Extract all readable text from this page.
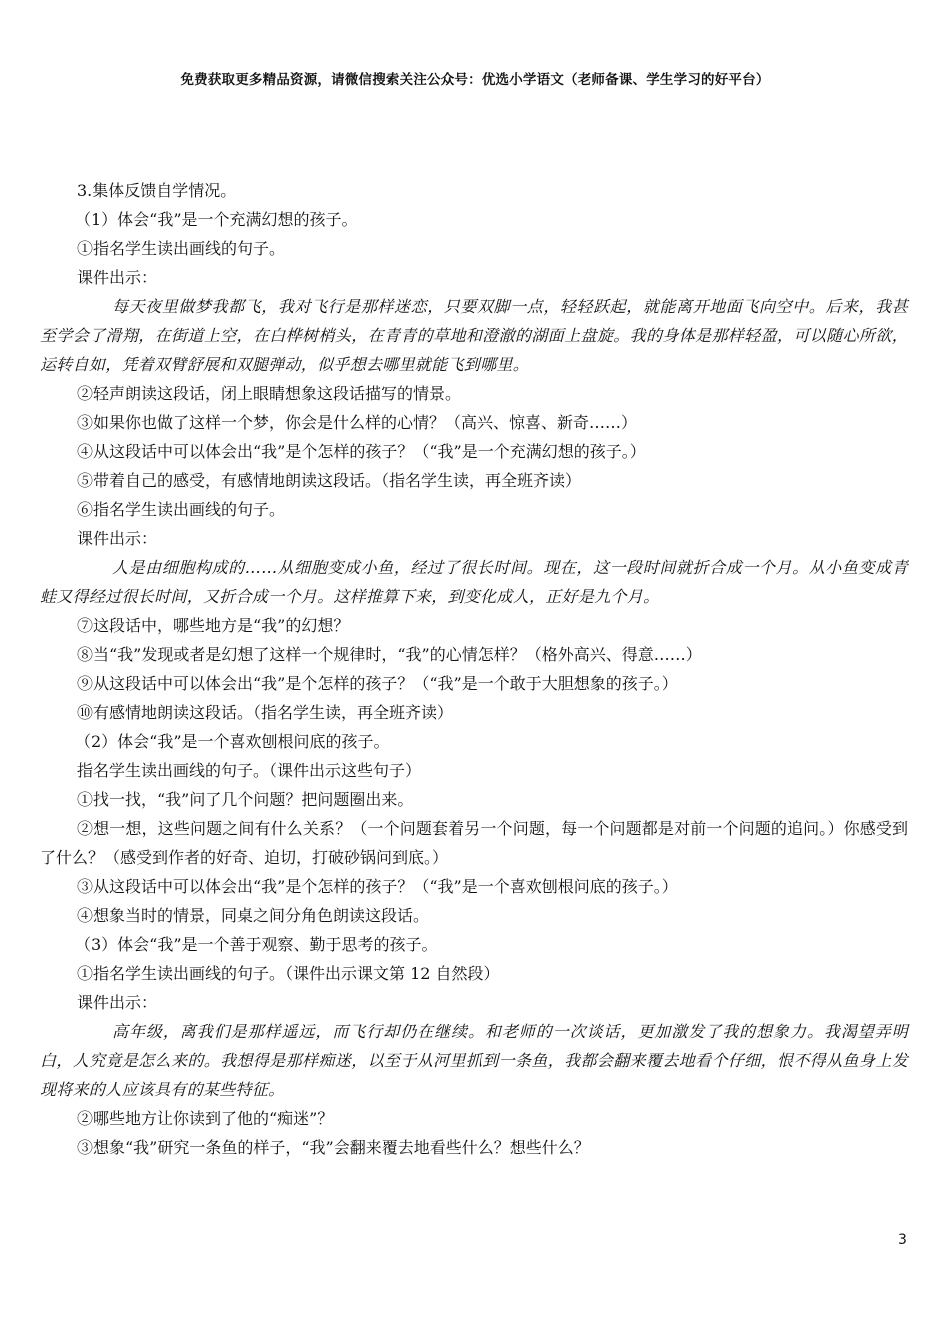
免费获取更多精品资源，请微信搜索关注公众号：优选小学语文（老师备课、学生学习的好平台）

3.集体反馈自学情况。

（1）体会“我”是一个充满幻想的孩子。

①指名学生读出画线的句子。

课件出示：

每天夜里做梦我都飞，我对飞行是那样迷恋，只要双脚一点，轻轻跃起，就能离开地面飞向空中。后来，我甚至学会了滑翔，在街道上空，在白桦树梢头，在青青的草地和澄澈的湖面上盘旋。我的身体是那样轻盈，可以随心所欲，运转自如，凭着双臂舒展和双腿弹动，似乎想去哪里就能飞到哪里。

②轻声朗读这段话，闭上眼睛想象这段话描写的情景。

③如果你也做了这样一个梦，你会是什么样的心情？（高兴、惊喜、新奇……）

④从这段话中可以体会出“我”是个怎样的孩子？（“我”是一个充满幻想的孩子。）

⑤带着自己的感受，有感情地朗读这段话。（指名学生读，再全班齐读）

⑥指名学生读出画线的句子。

课件出示：

人是由细胞构成的……从细胞变成小鱼，经过了很长时间。现在，这一段时间就折合成一个月。从小鱼变成青蛙又得经过很长时间，又折合成一个月。这样推算下来，到变化成人，正好是九个月。

⑦这段话中，哪些地方是“我”的幻想？

⑧当“我”发现或者是幻想了这样一个规律时，“我”的心情怎样？（格外高兴、得意……）

⑨从这段话中可以体会出“我”是个怎样的孩子？（“我”是一个敢于大胆想象的孩子。）

⑩有感情地朗读这段话。（指名学生读，再全班齐读）

（2）体会“我”是一个喜欢刨根问底的孩子。

指名学生读出画线的句子。（课件出示这些句子）

①找一找，“我”问了几个问题？把问题圈出来。

②想一想，这些问题之间有什么关系？（一个问题套着另一个问题，每一个问题都是对前一个问题的追问。）你感受到了什么？（感受到作者的好奇、迫切，打破砂锅问到底。）

③从这段话中可以体会出“我”是个怎样的孩子？（“我”是一个喜欢刨根问底的孩子。）

④想象当时的情景，同桌之间分角色朗读这段话。

（3）体会“我”是一个善于观察、勤于思考的孩子。

①指名学生读出画线的句子。（课件出示课文第 12 自然段）

课件出示：

高年级，离我们是那样遥远，而飞行却仍在继续。和老师的一次谈话，更加激发了我的想象力。我渴望弄明白，人究竟是怎么来的。我想得是那样痴迷，以至于从河里抓到一条鱼，我都会翻来覆去地看个仔细，恨不得从鱼身上发现将来的人应该具有的某些特征。

②哪些地方让你读到了他的“痴迷”？

③想象“我”研究一条鱼的样子，“我”会翻来覆去地看些什么？想些什么？

3
